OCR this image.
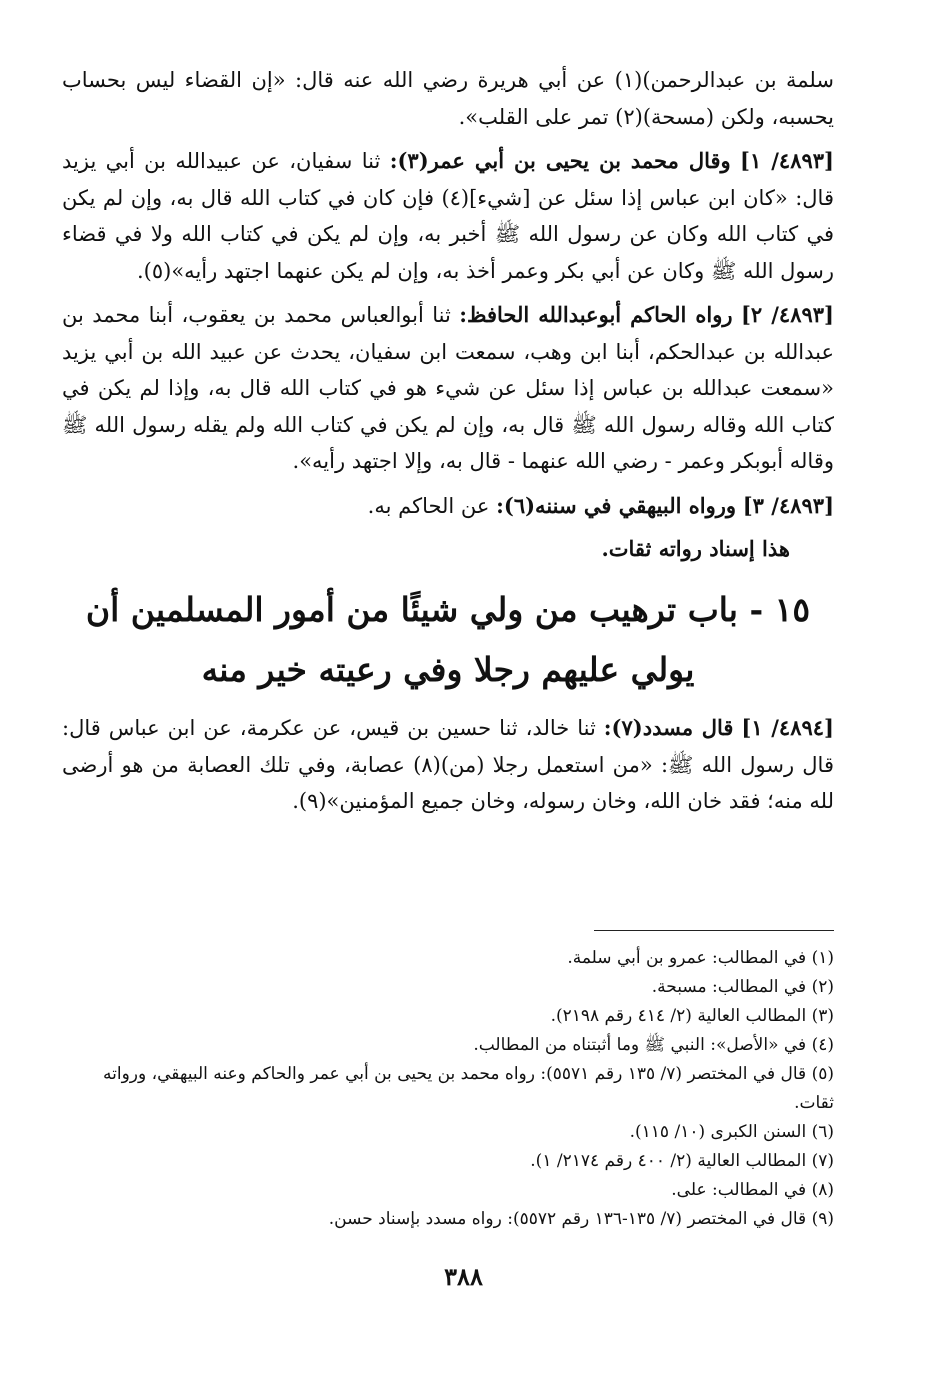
سلمة بن عبدالرحمن)(١) عن أبي هريرة رضي الله عنه قال: «إن القضاء ليس بحساب يحسبه، ولكن (مسحة)(٢) تمر على القلب».

[٤٨٩٣/ ١] وقال محمد بن يحيى بن أبي عمر(٣): ثنا سفيان، عن عبيدالله بن أبي يزيد قال: «كان ابن عباس إذا سئل عن [شيء](٤) فإن كان في كتاب الله قال به، وإن لم يكن في كتاب الله وكان عن رسول الله ﷺ أخبر به، وإن لم يكن في كتاب الله ولا في قضاء رسول الله ﷺ وكان عن أبي بكر وعمر أخذ به، وإن لم يكن عنهما اجتهد رأيه»(٥).

[٤٨٩٣/ ٢] رواه الحاكم أبوعبدالله الحافظ: ثنا أبوالعباس محمد بن يعقوب، أبنا محمد بن عبدالله بن عبدالحكم، أبنا ابن وهب، سمعت ابن سفيان، يحدث عن عبيد الله بن أبي يزيد «سمعت عبدالله بن عباس إذا سئل عن شيء هو في كتاب الله قال به، وإذا لم يكن في كتاب الله وقاله رسول الله ﷺ قال به، وإن لم يكن في كتاب الله ولم يقله رسول الله ﷺ وقاله أبوبكر وعمر - رضي الله عنهما - قال به، وإلا اجتهد رأيه».

[٤٨٩٣/ ٣] ورواه البيهقي في سننه(٦): عن الحاكم به.

هذا إسناد رواته ثقات.

١٥ - باب ترهيب من ولي شيئًا من أمور المسلمين أن يولي عليهم رجلا وفي رعيته خير منه

[٤٨٩٤/ ١] قال مسدد(٧): ثنا خالد، ثنا حسين بن قيس، عن عكرمة، عن ابن عباس قال: قال رسول الله ﷺ: «من استعمل رجلا (من)(٨) عصابة، وفي تلك العصابة من هو أرضى لله منه؛ فقد خان الله، وخان رسوله، وخان جميع المؤمنين»(٩).

(١) في المطالب: عمرو بن أبي سلمة.

(٢) في المطالب: مسبحة.

(٣) المطالب العالية (٢/ ٤١٤ رقم ٢١٩٨).

(٤) في «الأصل»: النبي ﷺ وما أثبتناه من المطالب.

(٥) قال في المختصر (٧/ ١٣٥ رقم ٥٥٧١): رواه محمد بن يحيى بن أبي عمر والحاكم وعنه البيهقي، ورواته ثقات.

(٦) السنن الكبرى (١٠/ ١١٥).

(٧) المطالب العالية (٢/ ٤٠٠ رقم ٢١٧٤/ ١).

(٨) في المطالب: على.

(٩) قال في المختصر (٧/ ١٣٥-١٣٦ رقم ٥٥٧٢): رواه مسدد بإسناد حسن.

٣٨٨
